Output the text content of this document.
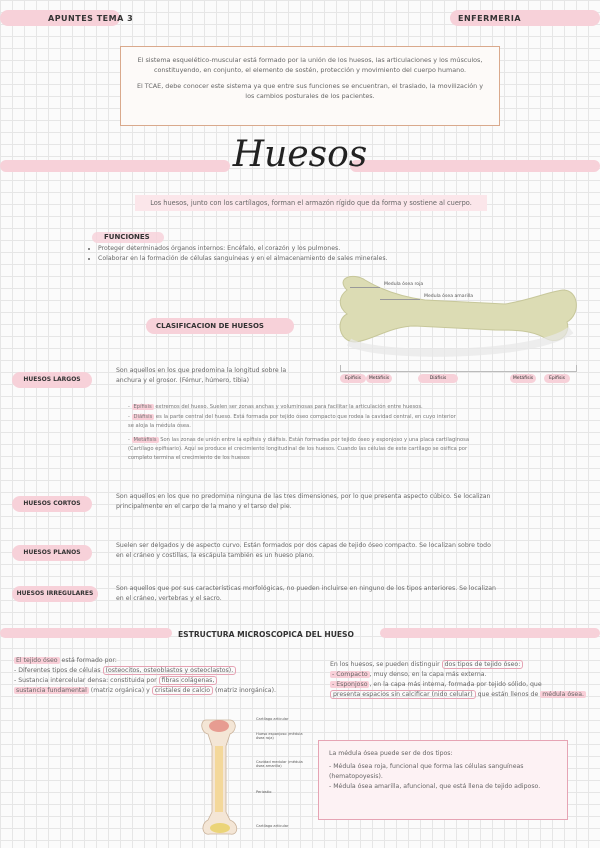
APUNTES TEMA 3	ENFERMERIA

El sistema esquelético-muscular está formado por la unión de los huesos, las articulaciones y los músculos, constituyendo, en conjunto, el elemento de sostén, protección y movimiento del cuerpo humano.

El TCAE, debe conocer este sistema ya que entre sus funciones se encuentran, el traslado, la movilización y los cambios posturales de los pacientes.

Huesos
Los huesos, junto con los cartílagos, forman el armazón rígido que da forma y sostiene al cuerpo.
FUNCIONES
• Proteger determinados órganos internos: Encéfalo, el corazón y los pulmones.
• Colaborar en la formación de células sanguíneas y en el almacenamiento de sales minerales.
Medula ósea roja
Medula ósea amarilla
Epífisis	Metáfisis	Diáfisis	Metáfisis	Epífisis
CLASIFICACION DE HUESOS
HUESOS LARGOS
Son aquellos en los que predomina la longitud sobre la anchura y el grosor. (Fémur, húmero, tibia)
- Epífisis extremos del hueso. Suelen ser zonas anchas y voluminosas para facilitar la articulación entre huesos.
- Diáfisis es la parte central del hueso. Está formada por tejido óseo compacto que rodea la cavidad central, en cuyo interior se aloja la médula ósea.
- Metáfisis Son las zonas de unión entre la epífisis y diáfisis. Están formadas por tejido óseo y esponjoso y una placa cartilaginosa (Cartílago epifisario). Aquí se produce el crecimiento longitudinal de los huesos. Cuando las células de este cartílago se osifica por completo termina el crecimiento de los huesos
HUESOS CORTOS
Son aquellos en los que no predomina ninguna de las tres dimensiones, por lo que presenta aspecto cúbico. Se localizan principalmente en el carpo de la mano y el tarso del pie.
HUESOS PLANOS
Suelen ser delgados y de aspecto curvo. Están formados por dos capas de tejido óseo compacto. Se localizan sobre todo en el cráneo y costillas, la escápula también es un hueso plano.
HUESOS IRREGULARES
Son aquellos que por sus características morfológicas, no pueden incluirse en ninguno de los tipos anteriores. Se localizan en el cráneo, vertebras y el sacro.
ESTRUCTURA MICROSCOPICA DEL HUESO
El tejido óseo está formado por:
- Diferentes tipos de células (osteocitos, osteoblastos y osteoclastos).
- Sustancia intercelular densa: constituida por fibras colágenas,
sustancia fundamental (matriz orgánica) y cristales de calcio (matriz inorgánica).
Cartílago articular
Hueso esponjoso (médula ósea roja)
Cavidad medular (médula ósea amarilla)
Periostio
Cartílago articular
En los huesos, se pueden distinguir dos tipos de tejido óseo:
- Compacto , muy denso, en la capa más externa.
- Esponjoso , en la capa más interna, formada por tejido sólido, que
presenta espacios sin calcificar (nido celular) que están llenos de médula ósea.
La médula ósea puede ser de dos tipos:
- Médula ósea roja, funcional que forma las células sanguíneas (hematopoyesis).
- Médula ósea amarilla, afuncional, que está llena de tejido adiposo.
